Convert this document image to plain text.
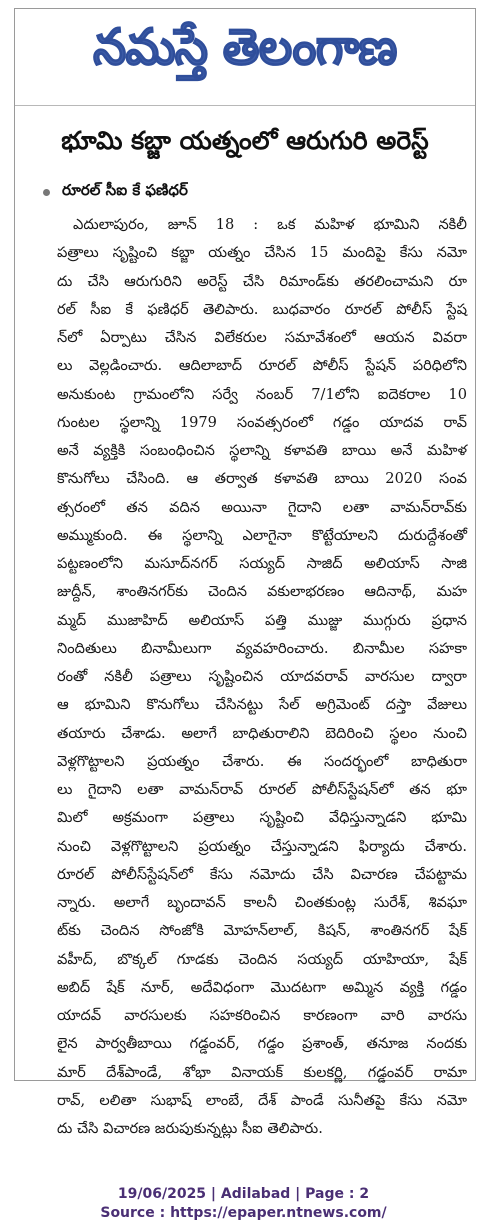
నమస్తే తెలంగాణ
భూమి కబ్జా యత్నంలో ఆరుగురి అరెస్ట్
రూరల్ సీఐ కే ఫణిధర్
ఎదులాపురం, జూన్ 18 : ఒక మహిళ భూమిని నకిలీ
పత్రాలు సృష్టించి కబ్జా యత్నం చేసిన 15 మందిపై కేసు నమో
దు చేసి ఆరుగురిని అరెస్ట్ చేసి రిమాండ్‌కు తరలించామని రూ
రల్ సీఐ కే ఫణిధర్ తెలిపారు. బుధవారం రూరల్ పోలీస్ స్టేష
న్‌లో ఏర్పాటు చేసిన విలేకరుల సమావేశంలో ఆయన వివరా
లు వెల్లడించారు. ఆదిలాబాద్ రూరల్ పోలీస్ స్టేషన్ పరిధిలోని
అనుకుంట గ్రామంలోని సర్వే నంబర్ 7/1లోని ఐదెకరాల 10
గుంటల స్థలాన్ని 1979 సంవత్సరంలో గడ్డం యాదవ రావ్
అనే వ్యక్తికి సంబంధించిన స్థలాన్ని కళావతి బాయి అనే మహిళ
కొనుగోలు చేసింది. ఆ తర్వాత కళావతి బాయి 2020 సంవ
త్సరంలో తన వదిన అయినా గైదాని లతా వామన్‌రావ్‌కు
అమ్ముకుంది. ఈ స్థలాన్ని ఎలాగైనా కొట్టేయాలని దురుద్దేశంతో
పట్టణంలోని మసూద్‌నగర్ సయ్యద్ సాజిద్ అలియాస్ సాజి
జుద్దీన్, శాంతినగర్‌కు చెందిన వకులాభరణం ఆదినాథ్, మహ
మ్మద్ ముజాహిద్ అలియాస్ పత్తి ముజ్జు ముగ్గురు ప్రధాన
నిందితులు బినామీలుగా వ్యవహరించారు. బినామీల సహకా
రంతో నకిలీ పత్రాలు సృష్టించిన యాదవరావ్ వారసుల ద్వారా
ఆ భూమిని కొనుగోలు చేసినట్టు సేల్ అగ్రిమెంట్ దస్తా వేజులు
తయారు చేశాడు. అలాగే బాధితురాలిని బెదిరించి స్థలం నుంచి
వెళ్లగొట్టాలని ప్రయత్నం చేశారు. ఈ సందర్భంలో బాధితురా
లు గైదాని లతా వామన్‌రావ్ రూరల్ పోలీస్‌స్టేషన్‌లో తన భూ
మిలో అక్రమంగా పత్రాలు సృష్టించి వేధిస్తున్నాడని భూమి
నుంచి వెళ్లగొట్టాలని ప్రయత్నం చేస్తున్నాడని ఫిర్యాదు చేశారు.
రూరల్ పోలీస్‌స్టేషన్‌లో కేసు నమోదు చేసి విచారణ చేపట్టామ
న్నారు. అలాగే బృందావన్ కాలనీ చింతకుంట్ల సురేశ్, శివఘా
ట్‌కు చెందిన సోంజోకి మోహన్‌లాల్, కిషన్, శాంతినగర్ షేక్
వహీద్, బొక్కల్ గూడకు చెందిన సయ్యద్ యాహియా, షేక్
అబిద్ షేక్ నూర్, అదేవిధంగా మొదటగా అమ్మిన వ్యక్తి గడ్డం
యాదవ్ వారసులకు సహకరించిన కారణంగా వారి వారసు
లైన పార్వతీబాయి గడ్డంవర్, గడ్డం ప్రశాంత్, తనూజ నందకు
మార్ దేశ్‌పాండే, శోభా వినాయక్ కులకర్ణి, గడ్డంవర్ రామా
రావ్, లలితా సుభాష్ లాంబే, దేశ్ పాండే సునీతపై కేసు నమో
దు చేసి విచారణ జరుపుకున్నట్లు సీఐ తెలిపారు.
19/06/2025 | Adilabad | Page : 2
Source : https://epaper.ntnews.com/
